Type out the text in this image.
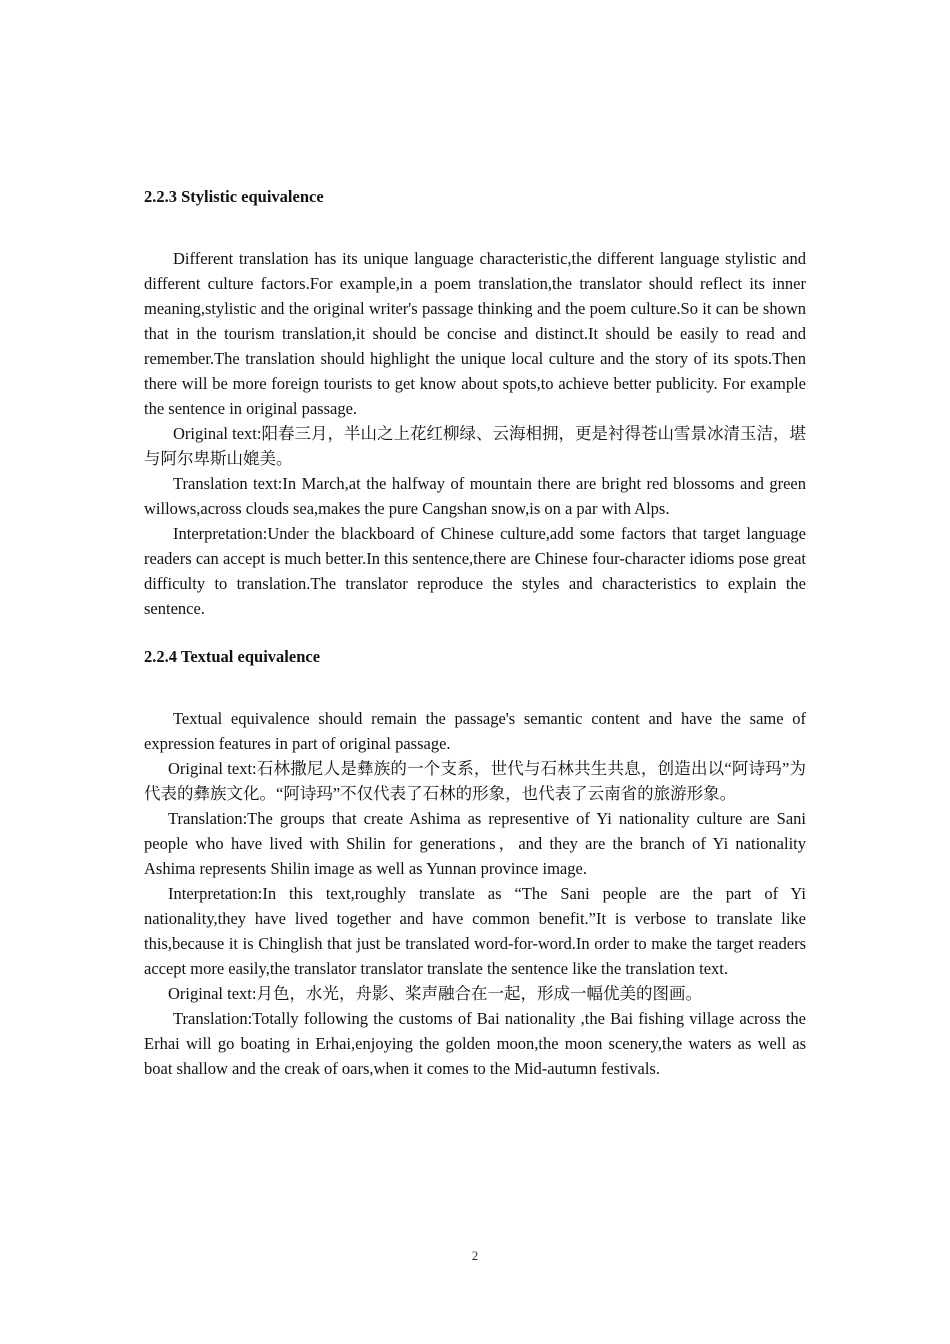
2.2.3 Stylistic equivalence

Different translation has its unique language characteristic,the different language stylistic and different culture factors.For example,in a poem translation,the translator should reflect its inner meaning,stylistic and the original writer's passage thinking and the poem culture.So it can be shown that in the tourism translation,it should be concise and distinct.It should be easily to read and remember.The translation should highlight the unique local culture and the story of its spots.Then there will be more foreign tourists to get know about spots,to achieve better publicity. For example the sentence in original passage.

Original text:阳春三月，半山之上花红柳绿、云海相拥，更是衬得苍山雪景冰清玉洁，堪与阿尔卑斯山媲美。

Translation text:In March,at the halfway of mountain there are bright red blossoms and green willows,across clouds sea,makes the pure Cangshan snow,is on a par with Alps.

Interpretation:Under the blackboard of Chinese culture,add some factors that target language readers can accept is much better.In this sentence,there are Chinese four-character idioms pose great difficulty to translation.The translator reproduce the styles and characteristics to explain the sentence.

2.2.4 Textual equivalence

Textual equivalence should remain the passage's semantic content and have the same of expression features in part of original passage.

Original text:石林撒尼人是彝族的一个支系，世代与石林共生共息，创造出以“阿诗玛”为代表的彝族文化。“阿诗玛”不仅代表了石林的形象，也代表了云南省的旅游形象。

Translation:The groups that create Ashima as representive of Yi nationality culture are Sani people who have lived with Shilin for generations，and they are the branch of Yi nationality Ashima represents Shilin image as well as Yunnan province image.

Interpretation:In this text,roughly translate as “The Sani people are the part of Yi nationality,they have lived together and have common benefit.”It is verbose to translate like this,because it is Chinglish that just be translated word-for-word.In order to make the target readers accept more easily,the translator translator translate the sentence like the translation text.

Original text:月色，水光，舟影、桨声融合在一起，形成一幅优美的图画。

Translation:Totally following the customs of Bai nationality ,the Bai fishing village across the Erhai will go boating in Erhai,enjoying the golden moon,the moon scenery,the waters as well as boat shallow and the creak of oars,when it comes to the Mid-autumn festivals.

2
